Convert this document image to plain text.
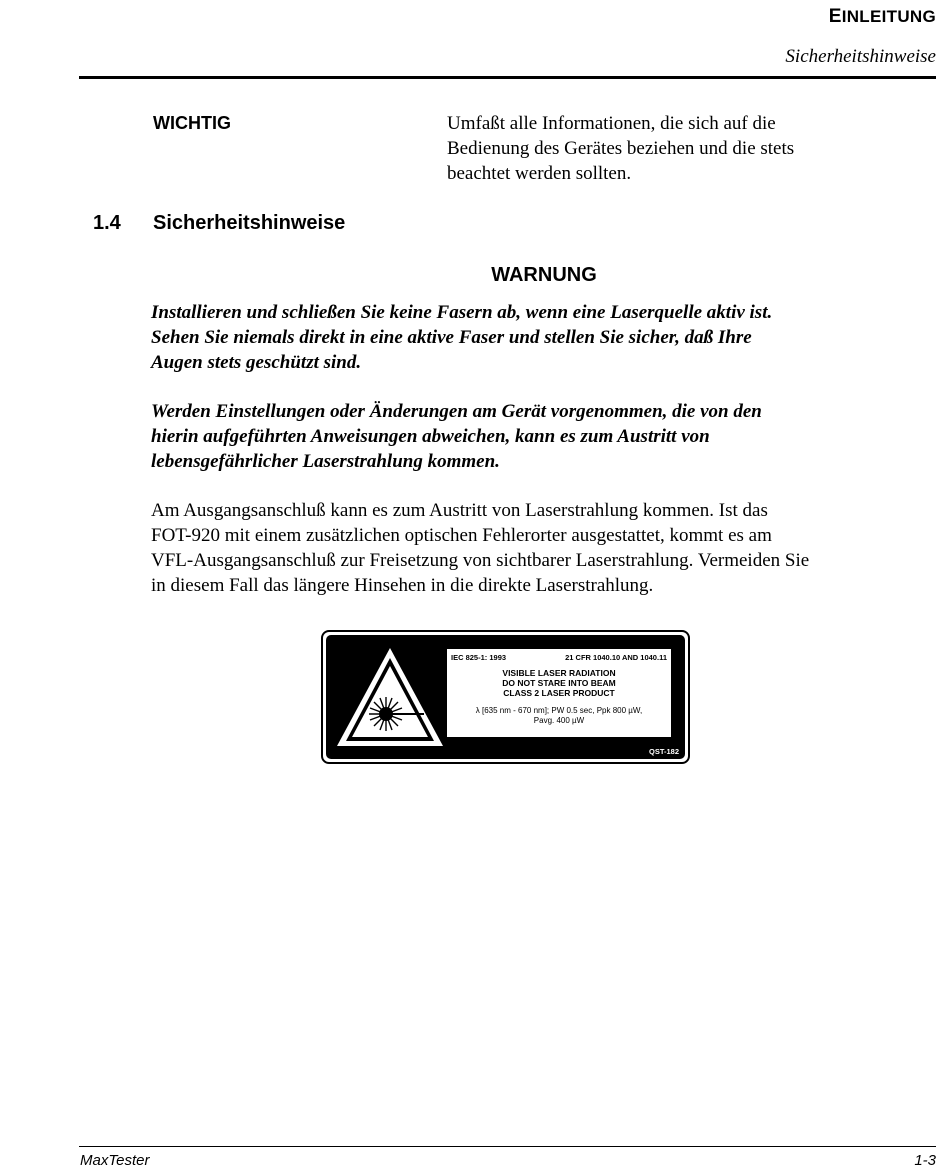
EINLEITUNG
Sicherheitshinweise
WICHTIG	Umfaßt alle Informationen, die sich auf die
Bedienung des Gerätes beziehen und die stets
beachtet werden sollten.
1.4 Sicherheitshinweise
WARNUNG
Installieren und schließen Sie keine Fasern ab, wenn eine Laserquelle aktiv ist.
Sehen Sie niemals direkt in eine aktive Faser und stellen Sie sicher, daß Ihre
Augen stets geschützt sind.
Werden Einstellungen oder Änderungen am Gerät vorgenommen, die von den
hierin aufgeführten Anweisungen abweichen, kann es zum Austritt von
lebensgefährlicher Laserstrahlung kommen.
Am Ausgangsanschluß kann es zum Austritt von Laserstrahlung kommen. Ist das
FOT-920 mit einem zusätzlichen optischen Fehlerorter ausgestattet, kommt es am
VFL-Ausgangsanschluß zur Freisetzung von sichtbarer Laserstrahlung. Vermeiden Sie
in diesem Fall das längere Hinsehen in die direkte Laserstrahlung.
IEC 825-1: 1993	21 CFR 1040.10 AND 1040.11
VISIBLE LASER RADIATION
DO NOT STARE INTO BEAM
CLASS 2 LASER PRODUCT
λ [635 nm - 670 nm]; PW 0.5 sec, Ppk 800 µW,
Pavg. 400 µW
QST-182
MaxTester	1-3
